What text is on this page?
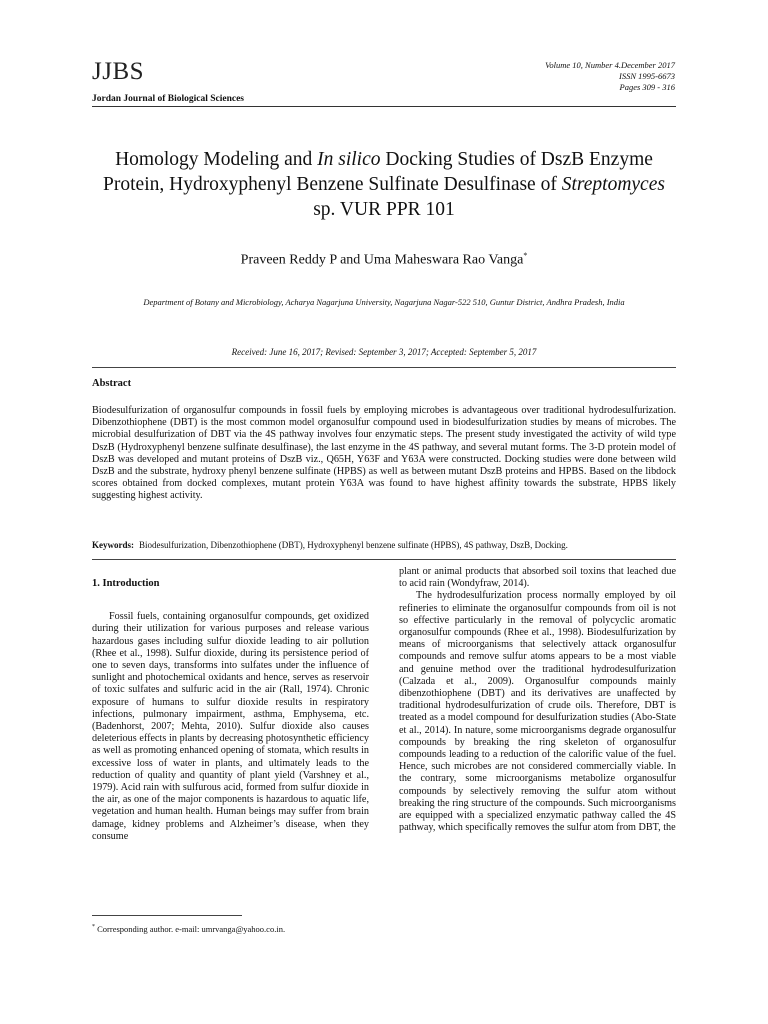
JJBS
Jordan Journal of Biological Sciences
Volume 10, Number 4.December 2017
ISSN 1995-6673
Pages 309 - 316
Homology Modeling and In silico Docking Studies of DszB Enzyme Protein, Hydroxyphenyl Benzene Sulfinate Desulfinase of Streptomyces sp. VUR PPR 101
Praveen Reddy P and Uma Maheswara Rao Vanga*
Department of Botany and Microbiology, Acharya Nagarjuna University, Nagarjuna Nagar-522 510, Guntur District, Andhra Pradesh, India
Received: June 16, 2017; Revised: September 3, 2017; Accepted: September 5, 2017
Abstract
Biodesulfurization of organosulfur compounds in fossil fuels by employing microbes is advantageous over traditional hydrodesulfurization. Dibenzothiophene (DBT) is the most common model organosulfur compound used in biodesulfurization studies by means of microbes. The microbial desulfurization of DBT via the 4S pathway involves four enzymatic steps. The present study investigated the activity of wild type DszB (Hydroxyphenyl benzene sulfinate desulfinase), the last enzyme in the 4S pathway, and several mutant forms. The 3-D protein model of DszB was developed and mutant proteins of DszB viz., Q65H, Y63F and Y63A were constructed. Docking studies were done between wild DszB and the substrate, hydroxy phenyl benzene sulfinate (HPBS) as well as between mutant DszB proteins and HPBS. Based on the libdock scores obtained from docked complexes, mutant protein Y63A was found to have highest affinity towards the substrate, HPBS likely suggesting highest activity.
Keywords: Biodesulfurization, Dibenzothiophene (DBT), Hydroxyphenyl benzene sulfinate (HPBS), 4S pathway, DszB, Docking.

1. Introduction

Fossil fuels, containing organosulfur compounds, get oxidized during their utilization for various purposes and release various hazardous gases including sulfur dioxide leading to air pollution (Rhee et al., 1998). Sulfur dioxide, during its persistence period of one to seven days, transforms into sulfates under the influence of sunlight and photochemical oxidants and hence, serves as reservoir of toxic sulfates and sulfuric acid in the air (Rall, 1974). Chronic exposure of humans to sulfur dioxide results in respiratory infections, pulmonary impairment, asthma, Emphysema, etc. (Badenhorst, 2007; Mehta, 2010). Sulfur dioxide also causes deleterious effects in plants by decreasing photosynthetic efficiency as well as promoting enhanced opening of stomata, which results in excessive loss of water in plants, and ultimately leads to the reduction of quality and quantity of plant yield (Varshney et al., 1979). Acid rain with sulfurous acid, formed from sulfur dioxide in the air, as one of the major components is hazardous to aquatic life, vegetation and human health. Human beings may suffer from brain damage, kidney problems and Alzheimer’s disease, when they consume

plant or animal products that absorbed soil toxins that leached due to acid rain (Wondyfraw, 2014).

The hydrodesulfurization process normally employed by oil refineries to eliminate the organosulfur compounds from oil is not so effective particularly in the removal of polycyclic aromatic organosulfur compounds (Rhee et al., 1998). Biodesulfurization by means of microorganisms that selectively attack organosulfur compounds and remove sulfur atoms appears to be a most viable and genuine method over the traditional hydrodesulfurization (Calzada et al., 2009). Organosulfur compounds mainly dibenzothiophene (DBT) and its derivatives are unaffected by traditional hydrodesulfurization of crude oils. Therefore, DBT is treated as a model compound for desulfurization studies (Abo-State et al., 2014). In nature, some microorganisms degrade organosulfur compounds by breaking the ring skeleton of organosulfur compounds leading to a reduction of the calorific value of the fuel. Hence, such microbes are not considered commercially viable. In the contrary, some microorganisms metabolize organosulfur compounds by selectively removing the sulfur atom without breaking the ring structure of the compounds. Such microorganisms are equipped with a specialized enzymatic pathway called the 4S pathway, which specifically removes the sulfur atom from DBT, the

* Corresponding author. e-mail: umrvanga@yahoo.co.in.
